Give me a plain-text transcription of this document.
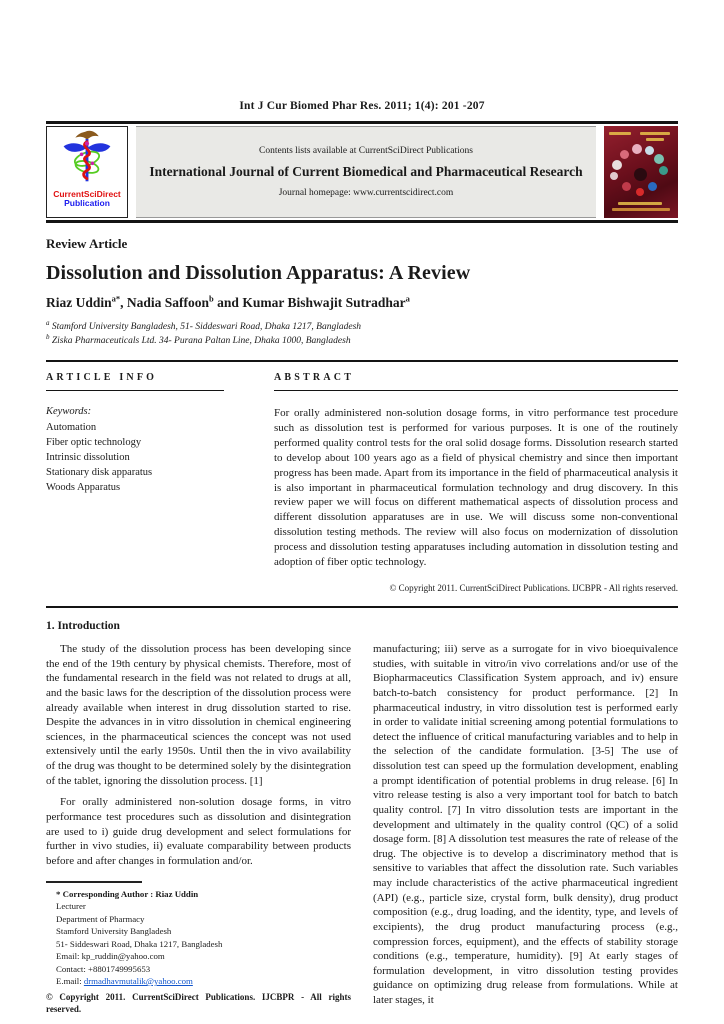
Int J Cur Biomed Phar Res. 2011; 1(4): 201 -207
CurrentSciDirect
Publication
Contents lists available at CurrentSciDirect Publications
International Journal of Current Biomedical and Pharmaceutical Research
Journal homepage: www.currentscidirect.com
Review Article
Dissolution and Dissolution Apparatus: A Review
Riaz Uddin$^{a*}$, Nadia Saffoon$^b$ and Kumar Bishwajit Sutradhar$^a$
$^a$ Stamford University Bangladesh, 51- Siddeswari Road, Dhaka 1217, Bangladesh
$^b$ Ziska Pharmaceuticals Ltd. 34- Purana Paltan Line, Dhaka 1000, Bangladesh
ARTICLE INFO
Keywords:
Automation
Fiber optic technology
Intrinsic dissolution
Stationary disk apparatus
Woods Apparatus
ABSTRACT

For orally administered non-solution dosage forms, in vitro performance test procedure such as dissolution test is performed for various purposes. It is one of the routinely performed quality control tests for the oral solid dosage forms. Dissolution research started to develop about 100 years ago as a field of physical chemistry and since then important progress has been made. Apart from its importance in the field of pharmaceutical analysis it is also important in pharmaceutical formulation technology and drug discovery. In this review paper we will focus on different mathematical aspects of dissolution process and different dissolution apparatuses are in use. We will discuss some non-conventional dissolution testing methods. The review will also focus on modernization of dissolution process and dissolution testing apparatuses including automation in dissolution testing and adoption of fiber optic technology.

© Copyright 2011. CurrentSciDirect Publications. IJCBPR - All rights reserved.
1. Introduction

The study of the dissolution process has been developing since the end of the 19th century by physical chemists. Therefore, most of the fundamental research in the field was not related to drugs at all, and the basic laws for the description of the dissolution process were already available when interest in drug dissolution started to rise. Despite the advances in in vitro dissolution in chemical engineering sciences, in the pharmaceutical sciences the concept was not used extensively until the early 1950s. Until then the in vivo availability of the drug was thought to be determined solely by the disintegration of the tablet, ignoring the dissolution process. [1]

For orally administered non-solution dosage forms, in vitro performance test procedures such as dissolution and disintegration are used to i) guide drug development and select formulations for further in vivo studies, ii) evaluate comparability between products before and after changes in formulation and/or.

* Corresponding Author : Riaz Uddin
Lecturer
Department of Pharmacy
Stamford University Bangladesh
51- Siddeswari Road, Dhaka 1217, Bangladesh
Email: kp_ruddin@yahoo.com
Contact: +8801749995653
E.mail: drmadhavmutalik@yahoo.com
© Copyright 2011. CurrentSciDirect Publications. IJCBPR - All rights reserved.

manufacturing; iii) serve as a surrogate for in vivo bioequivalence studies, with suitable in vitro/in vivo correlations and/or use of the Biopharmaceutics Classification System approach, and iv) ensure batch-to-batch consistency for product performance. [2] In pharmaceutical industry, in vitro dissolution test is performed early in order to validate initial screening among potential formulations to detect the influence of critical manufacturing variables and to help in the selection of the candidate formulation. [3-5] The use of dissolution test can speed up the formulation development, enabling a prompt identification of potential problems in drug release. [6] In vitro release testing is also a very important tool for batch to batch quality control. [7] In vitro dissolution tests are important in the development and ultimately in the quality control (QC) of a solid dosage form. [8] A dissolution test measures the rate of release of the drug. The objective is to develop a discriminatory method that is sensitive to variables that affect the dissolution rate. Such variables may include characteristics of the active pharmaceutical ingredient (API) (e.g., particle size, crystal form, bulk density), drug product composition (e.g., drug loading, and the identity, type, and levels of excipients), the drug product manufacturing process (e.g., compression forces, equipment), and the effects of stability storage conditions (e.g., temperature, humidity). [9] At early stages of formulation development, in vitro dissolution testing provides guidance on optimizing drug release from formulations. While at later stages, it
